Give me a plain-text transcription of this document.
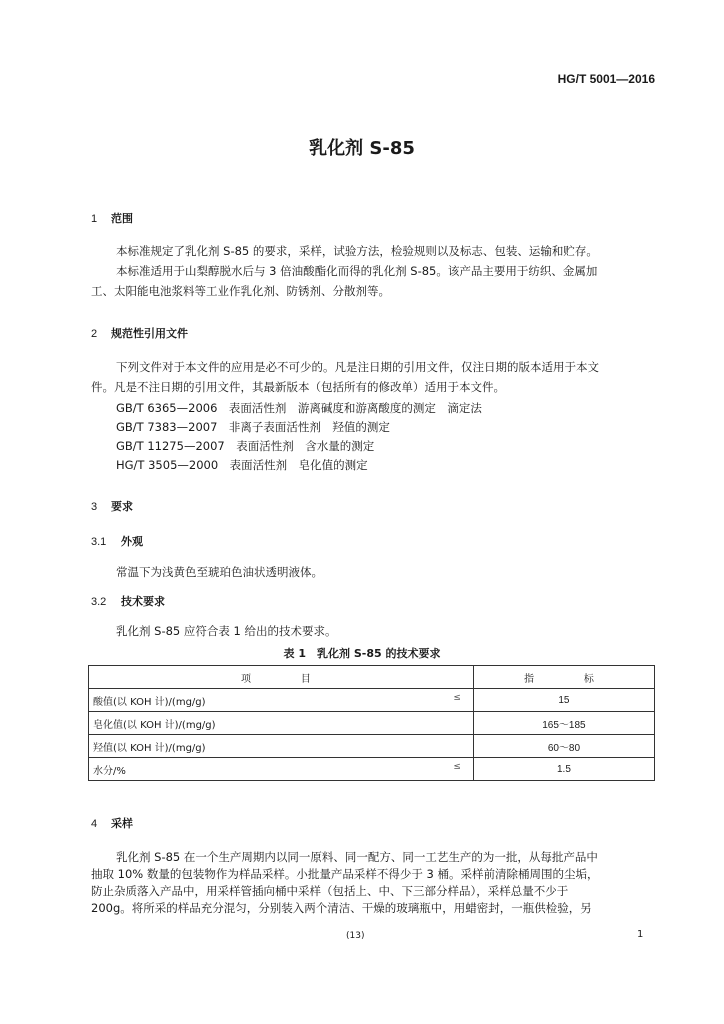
HG/T 5001—2016
乳化剂 S-85
1 范围

本标准规定了乳化剂 S-85 的要求，采样，试验方法，检验规则以及标志、包装、运输和贮存。

本标准适用于山梨醇脱水后与 3 倍油酸酯化而得的乳化剂 S-85。该产品主要用于纺织、金属加

工、太阳能电池浆料等工业作乳化剂、防锈剂、分散剂等。

2 规范性引用文件

下列文件对于本文件的应用是必不可少的。凡是注日期的引用文件，仅注日期的版本适用于本文

件。凡是不注日期的引用文件，其最新版本（包括所有的修改单）适用于本文件。

GB/T 6365—2006　表面活性剂　游离碱度和游离酸度的测定　滴定法
GB/T 7383—2007　非离子表面活性剂　羟值的测定
GB/T 11275—2007　表面活性剂　含水量的测定
HG/T 3505—2000　表面活性剂　皂化值的测定
3 要求
3.1 外观

常温下为浅黄色至琥珀色油状透明液体。

3.2 技术要求

乳化剂 S-85 应符合表 1 给出的技术要求。

表 1　乳化剂 S-85 的技术要求
项　　目	指　　标
酸值(以 KOH 计)/(mg/g) ≤	15
皂化值(以 KOH 计)/(mg/g)	165～185
羟值(以 KOH 计)/(mg/g)	60～80
水分/% ≤	1.5
4 采样

乳化剂 S-85 在一个生产周期内以同一原料、同一配方、同一工艺生产的为一批，从每批产品中

抽取 10% 数量的包装物作为样品采样。小批量产品采样不得少于 3 桶。采样前清除桶周围的尘垢，

防止杂质落入产品中，用采样管插向桶中采样（包括上、中、下三部分样品），采样总量不少于

200g。将所采的样品充分混匀，分别装入两个清洁、干燥的玻璃瓶中，用蜡密封，一瓶供检验，另

(13)	1
